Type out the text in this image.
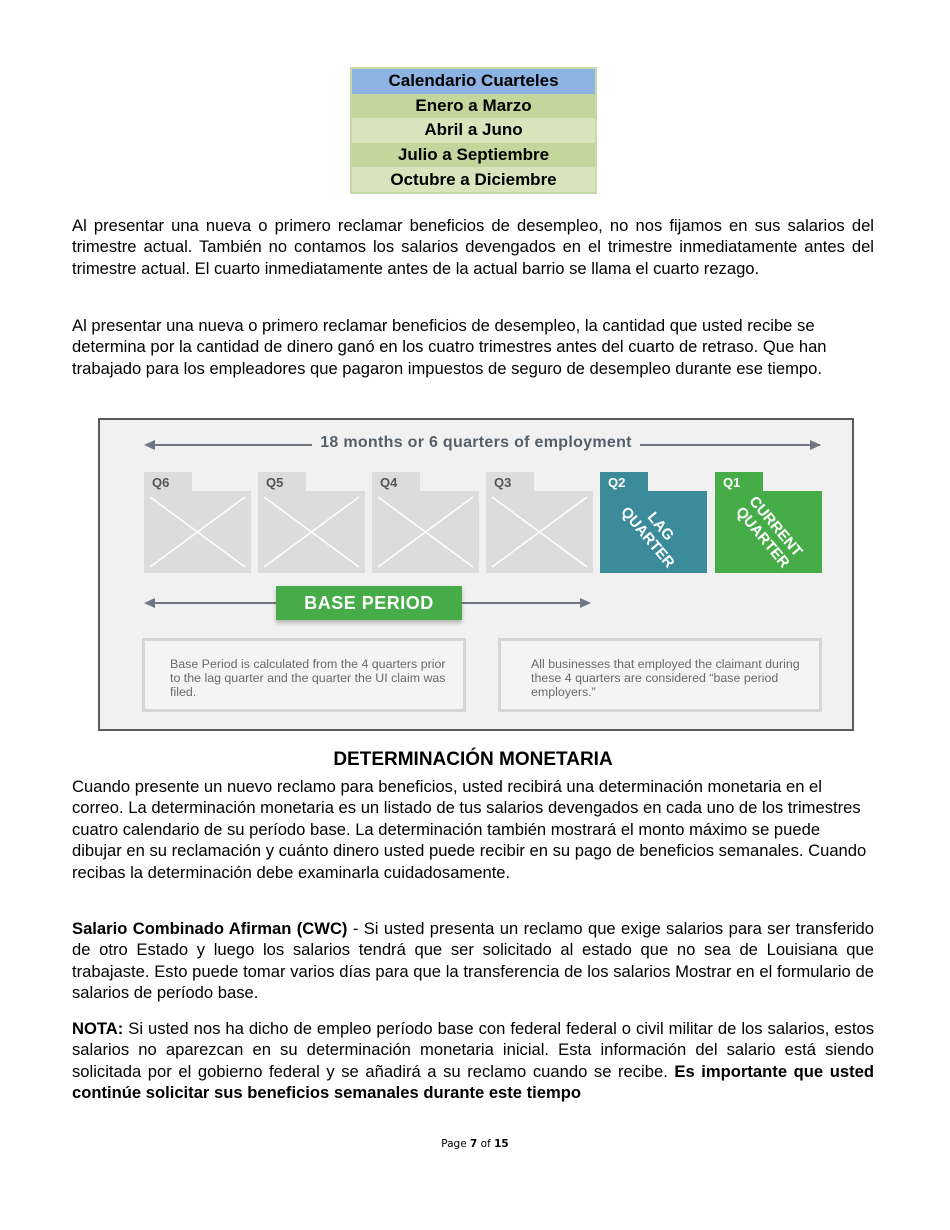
Calendario Cuarteles
Enero a Marzo
Abril a Juno
Julio a Septiembre
Octubre a Diciembre

Al presentar una nueva o primero reclamar beneficios de desempleo, no nos fijamos en sus salarios del trimestre actual. También no contamos los salarios devengados en el trimestre inmediatamente antes del trimestre actual. El cuarto inmediatamente antes de la actual barrio se llama el cuarto rezago.

Al presentar una nueva o primero reclamar beneficios de desempleo, la cantidad que usted recibe se determina por la cantidad de dinero ganó en los cuatro trimestres antes del cuarto de retraso. Que han trabajado para los empleadores que pagaron impuestos de seguro de desempleo durante ese tiempo.

18 months or 6 quarters of employment
Q6	Q5	Q4	Q3	Q2
LAG
QUARTER
Q1
CURRENT
QUARTER
BASE PERIOD
Base Period is calculated from the 4 quarters prior to the lag quarter and the quarter the UI claim was filed.
All businesses that employed the claimant during these 4 quarters are considered “base period employers.”
DETERMINACIÓN MONETARIA

Cuando presente un nuevo reclamo para beneficios, usted recibirá una determinación monetaria en el correo. La determinación monetaria es un listado de tus salarios devengados en cada uno de los trimestres cuatro calendario de su período base. La determinación también mostrará el monto máximo se puede dibujar en su reclamación y cuánto dinero usted puede recibir en su pago de beneficios semanales. Cuando recibas la determinación debe examinarla cuidadosamente.

Salario Combinado Afirman (CWC) - Si usted presenta un reclamo que exige salarios para ser transferido de otro Estado y luego los salarios tendrá que ser solicitado al estado que no sea de Louisiana que trabajaste. Esto puede tomar varios días para que la transferencia de los salarios Mostrar en el formulario de salarios de período base.

NOTA: Si usted nos ha dicho de empleo período base con federal federal o civil militar de los salarios, estos salarios no aparezcan en su determinación monetaria inicial. Esta información del salario está siendo solicitada por el gobierno federal y se añadirá a su reclamo cuando se recibe. Es importante que usted continúe solicitar sus beneficios semanales durante este tiempo

Page 7 of 15
